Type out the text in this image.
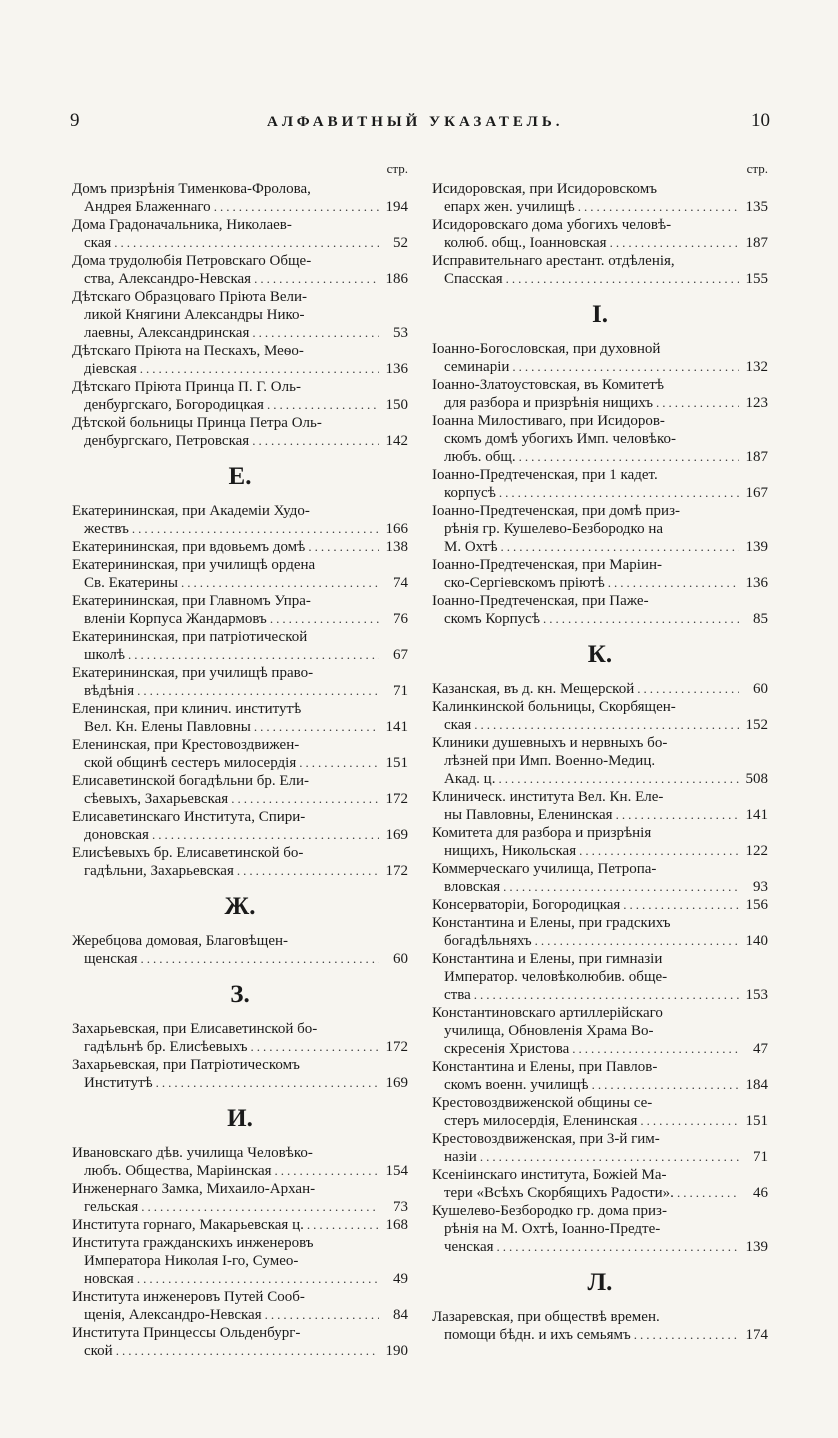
9	АЛФАВИТНЫЙ УКАЗАТЕЛЬ.	10
стр.
Домъ призрѣнія Тименкова-Фролова,
Андрея Блаженнаго .....	194
Дома Градоначальника, Николаев-
ская .....	52
Дома трудолюбія Петровскаго Обще-
ства, Александро-Невская .....	186
Дѣтскаго Образцоваго Пріюта Вели-
ликой Княгини Александры Нико-
лаевны, Александринская .....	53
Дѣтскаго Пріюта на Пескахъ, Меѳо-
діевская .....	136
Дѣтскаго Пріюта Принца П. Г. Оль-
денбургскаго, Богородицкая .....	150
Дѣтской больницы Принца Петра Оль-
денбургскаго, Петровская .....	142
Е.
Екатерининская, при Академіи Худо-
жествъ .....	166
Екатерининская, при вдовьемъ домѣ .....	138
Екатерининская, при училищѣ ордена
Св. Екатерины .....	74
Екатерининская, при Главномъ Упра-
вленіи Корпуса Жандармовъ .....	76
Екатерининская, при патріотической
школѣ .....	67
Екатерининская, при училищѣ право-
вѣдѣнія .....	71
Еленинская, при клинич. институтѣ
Вел. Кн. Елены Павловны .....	141
Еленинская, при Крестовоздвижен-
ской общинѣ сестеръ милосердія .....	151
Елисаветинской богадѣльни бр. Ели-
сѣевыхъ, Захарьевская .....	172
Елисаветинскаго Института, Спири-
доновская .....	169
Елисѣевыхъ бр. Елисаветинской бо-
гадѣльни, Захарьевская .....	172
Ж.
Жеребцова домовая, Благовѣщен-
щенская .....	60
З.
Захарьевская, при Елисаветинской бо-
гадѣльнѣ бр. Елисѣевыхъ .....	172
Захарьевская, при Патріотическомъ
Институтѣ .....	169
И.
Ивановскаго дѣв. училища Человѣко-
любъ. Общества, Маріинская .....	154
Инженернаго Замка, Михаило-Архан-
гельская .....	73
Института горнаго, Макарьевская ц. .....	168
Института гражданскихъ инженеровъ
Императора Николая I-го, Сумео-
новская .....	49
Института инженеровъ Путей Сооб-
щенія, Александро-Невская .....	84
Института Принцессы Ольденбург-
ской .....	190
стр.
Исидоровская, при Исидоровскомъ
епарх жен. училищѣ .....	135
Исидоровскаго дома убогихъ человѣ-
колюб. общ., Іоанновская .....	187
Исправительнаго арестант. отдѣленія,
Спасская .....	155
І.
Іоанно-Богословская, при духовной
семинаріи .....	132
Іоанно-Златоустовская, въ Комитетѣ
для разбора и призрѣнія нищихъ .....	123
Іоанна Милостиваго, при Исидоров-
скомъ домѣ убогихъ Имп. человѣко-
любъ. общ. .....	187
Іоанно-Предтеченская, при 1 кадет.
корпусѣ .....	167
Іоанно-Предтеченская, при домѣ приз-
рѣнія гр. Кушелево-Безбородко на
М. Охтѣ .....	139
Іоанно-Предтеченская, при Маріин-
ско-Сергіевскомъ пріютѣ .....	136
Іоанно-Предтеченская, при Паже-
скомъ Корпусѣ .....	85
К.
Казанская, въ д. кн. Мещерской .....	60
Калинкинской больницы, Скорбящен-
ская .....	152
Клиники душевныхъ и нервныхъ бо-
лѣзней при Имп. Военно-Медиц.
Акад. ц. .....	508
Клиническ. института Вел. Кн. Еле-
ны Павловны, Еленинская .....	141
Комитета для разбора и призрѣнія
нищихъ, Никольская .....	122
Коммерческаго училища, Петропа-
вловская .....	93
Консерваторіи, Богородицкая .....	156
Константина и Елены, при градскихъ
богадѣльняхъ .....	140
Константина и Елены, при гимназіи
Император. человѣколюбив. обще-
ства .....	153
Константиновскаго артиллерійскаго
училища, Обновленія Храма Во-
скресенія Христова .....	47
Константина и Елены, при Павлов-
скомъ военн. училищѣ .....	184
Крестовоздвиженской общины се-
стеръ милосердія, Еленинская .....	151
Крестовоздвиженская, при 3-й гим-
назіи .....	71
Ксеніинскаго института, Божіей Ма-
тери «Всѣхъ Скорбящихъ Радости». .....	46
Кушелево-Безбородко гр. дома приз-
рѣнія на М. Охтѣ, Іоанно-Предте-
ченская .....	139
Л.
Лазаревская, при обществѣ времен.
помощи бѣдн. и ихъ семьямъ .....	174
